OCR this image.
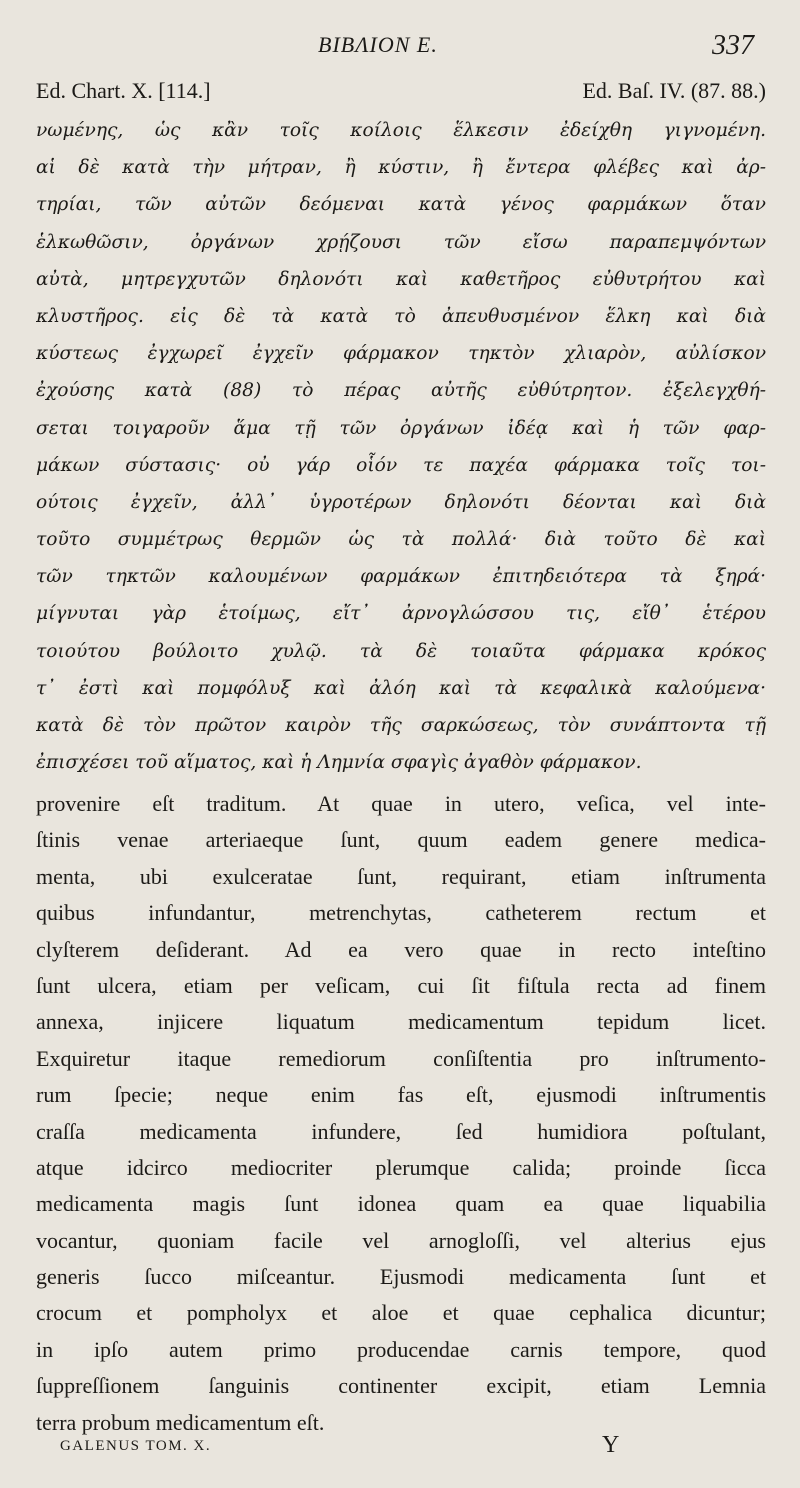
BIBΛION E.	337
Ed. Chart. X. [114.]	Ed. Baſ. IV. (87. 88.)
νωμένης, ὡς κἂν τοῖς κοίλοις ἕλκεσιν ἐδείχθη γιγνομένη.
αἱ δὲ κατὰ τὴν μήτραν, ἢ κύστιν, ἢ ἔντερα φλέβες καὶ ἀρ-
τηρίαι, τῶν αὐτῶν δεόμεναι κατὰ γένος φαρμάκων ὅταν
ἑλκωθῶσιν, ὀργάνων χρῄζουσι τῶν εἴσω παραπεμψόντων
αὐτὰ, μητρεγχυτῶν δηλονότι καὶ καθετῆρος εὐθυτρήτου καὶ
κλυστῆρος. εἰς δὲ τὰ κατὰ τὸ ἀπευθυσμένον ἕλκη καὶ διὰ
κύστεως ἐγχωρεῖ ἐγχεῖν φάρμακον τηκτὸν χλιαρὸν, αὐλίσκον
ἐχούσης κατὰ (88) τὸ πέρας αὐτῆς εὐθύτρητον. ἐξελεγχθή-
σεται τοιγαροῦν ἅμα τῇ τῶν ὀργάνων ἰδέᾳ καὶ ἡ τῶν φαρ-
μάκων σύστασις· οὐ γάρ οἷόν τε παχέα φάρμακα τοῖς τοι-
ούτοις ἐγχεῖν, ἀλλ᾽ ὑγροτέρων δηλονότι δέονται καὶ διὰ
τοῦτο συμμέτρως θερμῶν ὡς τὰ πολλά· διὰ τοῦτο δὲ καὶ
τῶν τηκτῶν καλουμένων φαρμάκων ἐπιτηδειότερα τὰ ξηρά·
μίγνυται γὰρ ἑτοίμως, εἴτ᾽ ἀρνογλώσσου τις, εἴθ᾽ ἑτέρου
τοιούτου βούλοιτο χυλῷ. τὰ δὲ τοιαῦτα φάρμακα κρόκος
τ᾽ ἐστὶ καὶ πομφόλυξ καὶ ἀλόη καὶ τὰ κεφαλικὰ καλούμενα·
κατὰ δὲ τὸν πρῶτον καιρὸν τῆς σαρκώσεως, τὸν συνάπτοντα τῇ
ἐπισχέσει τοῦ αἵματος, καὶ ἡ Λημνία σφαγὶς ἀγαθὸν φάρμακον.
provenire eſt traditum. At quae in utero, veſica, vel inte-
ſtinis venae arteriaeque ſunt, quum eadem genere medica-
menta, ubi exulceratae ſunt, requirant, etiam inſtrumenta
quibus infundantur, metrenchytas, catheterem rectum et
clyſterem deſiderant. Ad ea vero quae in recto inteſtino
ſunt ulcera, etiam per veſicam, cui ſit fiſtula recta ad finem
annexa, injicere liquatum medicamentum tepidum licet.
Exquiretur itaque remediorum conſiſtentia pro inſtrumento-
rum ſpecie; neque enim fas eſt, ejusmodi inſtrumentis
craſſa medicamenta infundere, ſed humidiora poſtulant,
atque idcirco mediocriter plerumque calida; proinde ſicca
medicamenta magis ſunt idonea quam ea quae liquabilia
vocantur, quoniam facile vel arnogloſſi, vel alterius ejus
generis ſucco miſceantur. Ejusmodi medicamenta ſunt et
crocum et pompholyx et aloe et quae cephalica dicuntur;
in ipſo autem primo producendae carnis tempore, quod
ſuppreſſionem ſanguinis continenter excipit, etiam Lemnia
terra probum medicamentum eſt.
GALENUS TOM. X.	Y
